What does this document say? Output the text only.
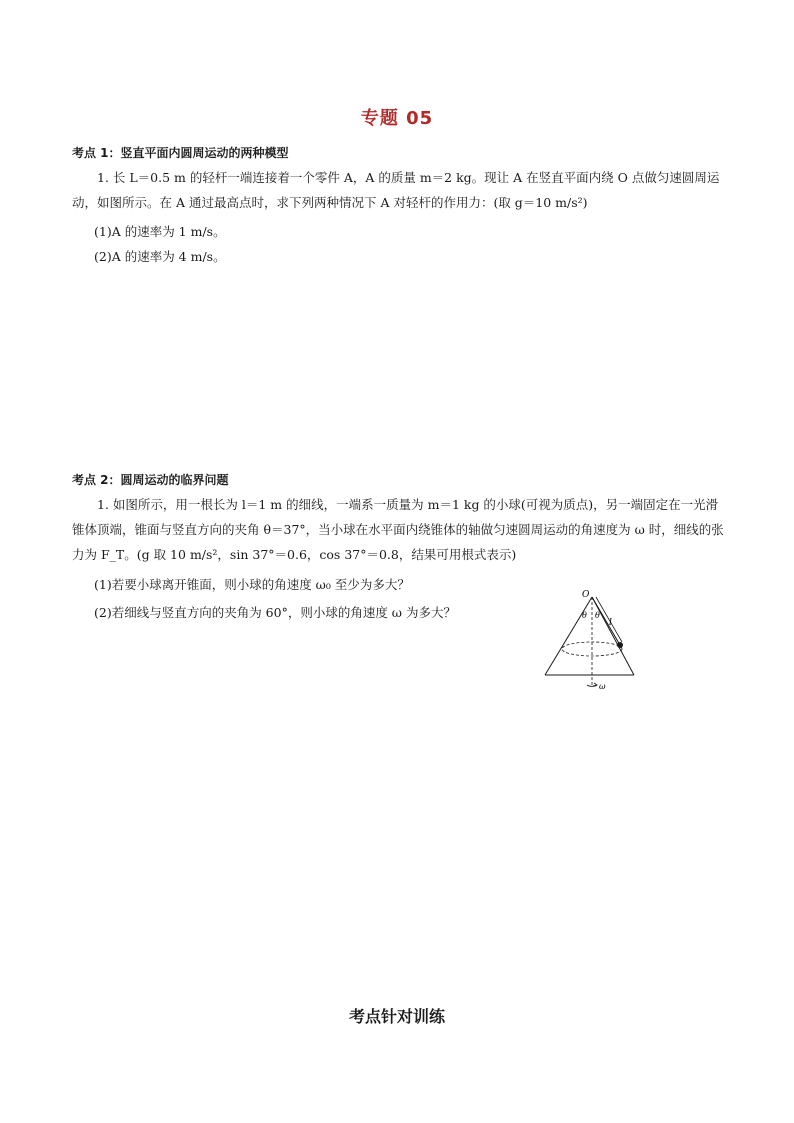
专题 05
考点 1：竖直平面内圆周运动的两种模型
1. 长 L＝0.5 m 的轻杆一端连接着一个零件 A，A 的质量 m＝2 kg。现让 A 在竖直平面内绕 O 点做匀速圆周运动，如图所示。在 A 通过最高点时，求下列两种情况下 A 对轻杆的作用力：(取 g＝10 m/s²)
(1)A 的速率为 1 m/s。
(2)A 的速率为 4 m/s。
考点 2：圆周运动的临界问题
1. 如图所示，用一根长为 l＝1 m 的细线，一端系一质量为 m＝1 kg 的小球(可视为质点)，另一端固定在一光滑锥体顶端，锥面与竖直方向的夹角 θ＝37°，当小球在水平面内绕锥体的轴做匀速圆周运动的角速度为 ω 时，细线的张力为 F_T。(g 取 10 m/s²，sin 37°＝0.6，cos 37°＝0.8，结果可用根式表示)
(1)若要小球离开锥面，则小球的角速度 ω₀ 至少为多大？
(2)若细线与竖直方向的夹角为 60°，则小球的角速度 ω 为多大？
O
θ θ
l
ω
考点针对训练
